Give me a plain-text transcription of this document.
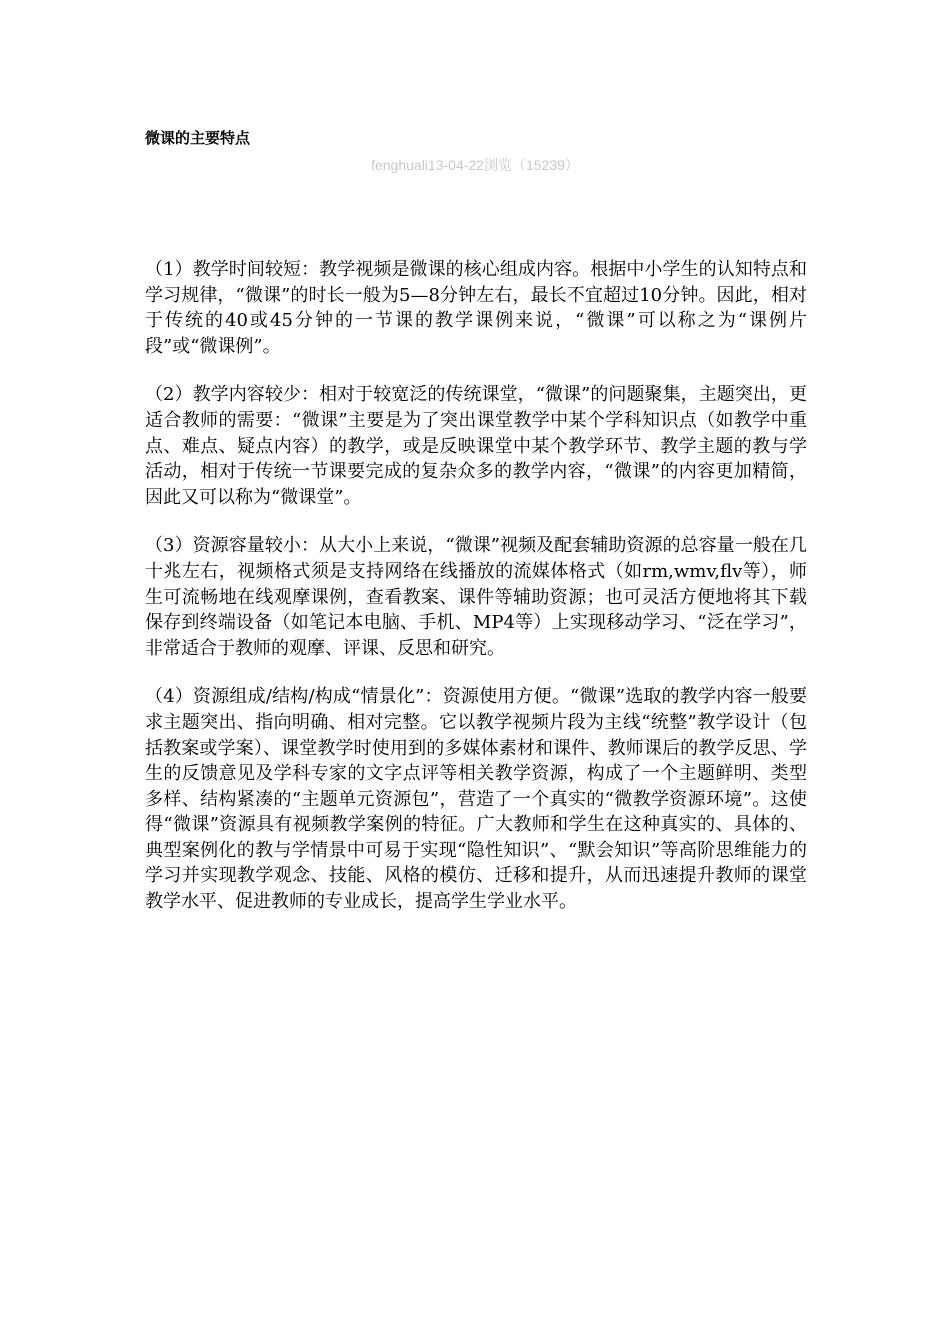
微课的主要特点
fenghuali13-04-22浏览（15239）

（1）教学时间较短：教学视频是微课的核心组成内容。根据中小学生的认知特点和学习规律，“微课”的时长一般为5—8分钟左右，最长不宜超过10分钟。因此，相对于传统的40或45分钟的一节课的教学课例来说，“微课”可以称之为“课例片段”或“微课例”。

（2）教学内容较少：相对于较宽泛的传统课堂，“微课”的问题聚集，主题突出，更适合教师的需要：“微课”主要是为了突出课堂教学中某个学科知识点（如教学中重点、难点、疑点内容）的教学，或是反映课堂中某个教学环节、教学主题的教与学活动，相对于传统一节课要完成的复杂众多的教学内容，“微课”的内容更加精简，因此又可以称为“微课堂”。

（3）资源容量较小：从大小上来说，“微课”视频及配套辅助资源的总容量一般在几十兆左右，视频格式须是支持网络在线播放的流媒体格式（如rm,wmv,flv等），师生可流畅地在线观摩课例，查看教案、课件等辅助资源；也可灵活方便地将其下载保存到终端设备（如笔记本电脑、手机、MP4等）上实现移动学习、“泛在学习”，非常适合于教师的观摩、评课、反思和研究。

（4）资源组成/结构/构成“情景化”：资源使用方便。“微课”选取的教学内容一般要求主题突出、指向明确、相对完整。它以教学视频片段为主线“统整”教学设计（包括教案或学案）、课堂教学时使用到的多媒体素材和课件、教师课后的教学反思、学生的反馈意见及学科专家的文字点评等相关教学资源，构成了一个主题鲜明、类型多样、结构紧凑的“主题单元资源包”，营造了一个真实的“微教学资源环境”。这使得“微课”资源具有视频教学案例的特征。广大教师和学生在这种真实的、具体的、典型案例化的教与学情景中可易于实现“隐性知识”、“默会知识”等高阶思维能力的学习并实现教学观念、技能、风格的模仿、迁移和提升，从而迅速提升教师的课堂教学水平、促进教师的专业成长，提高学生学业水平。
